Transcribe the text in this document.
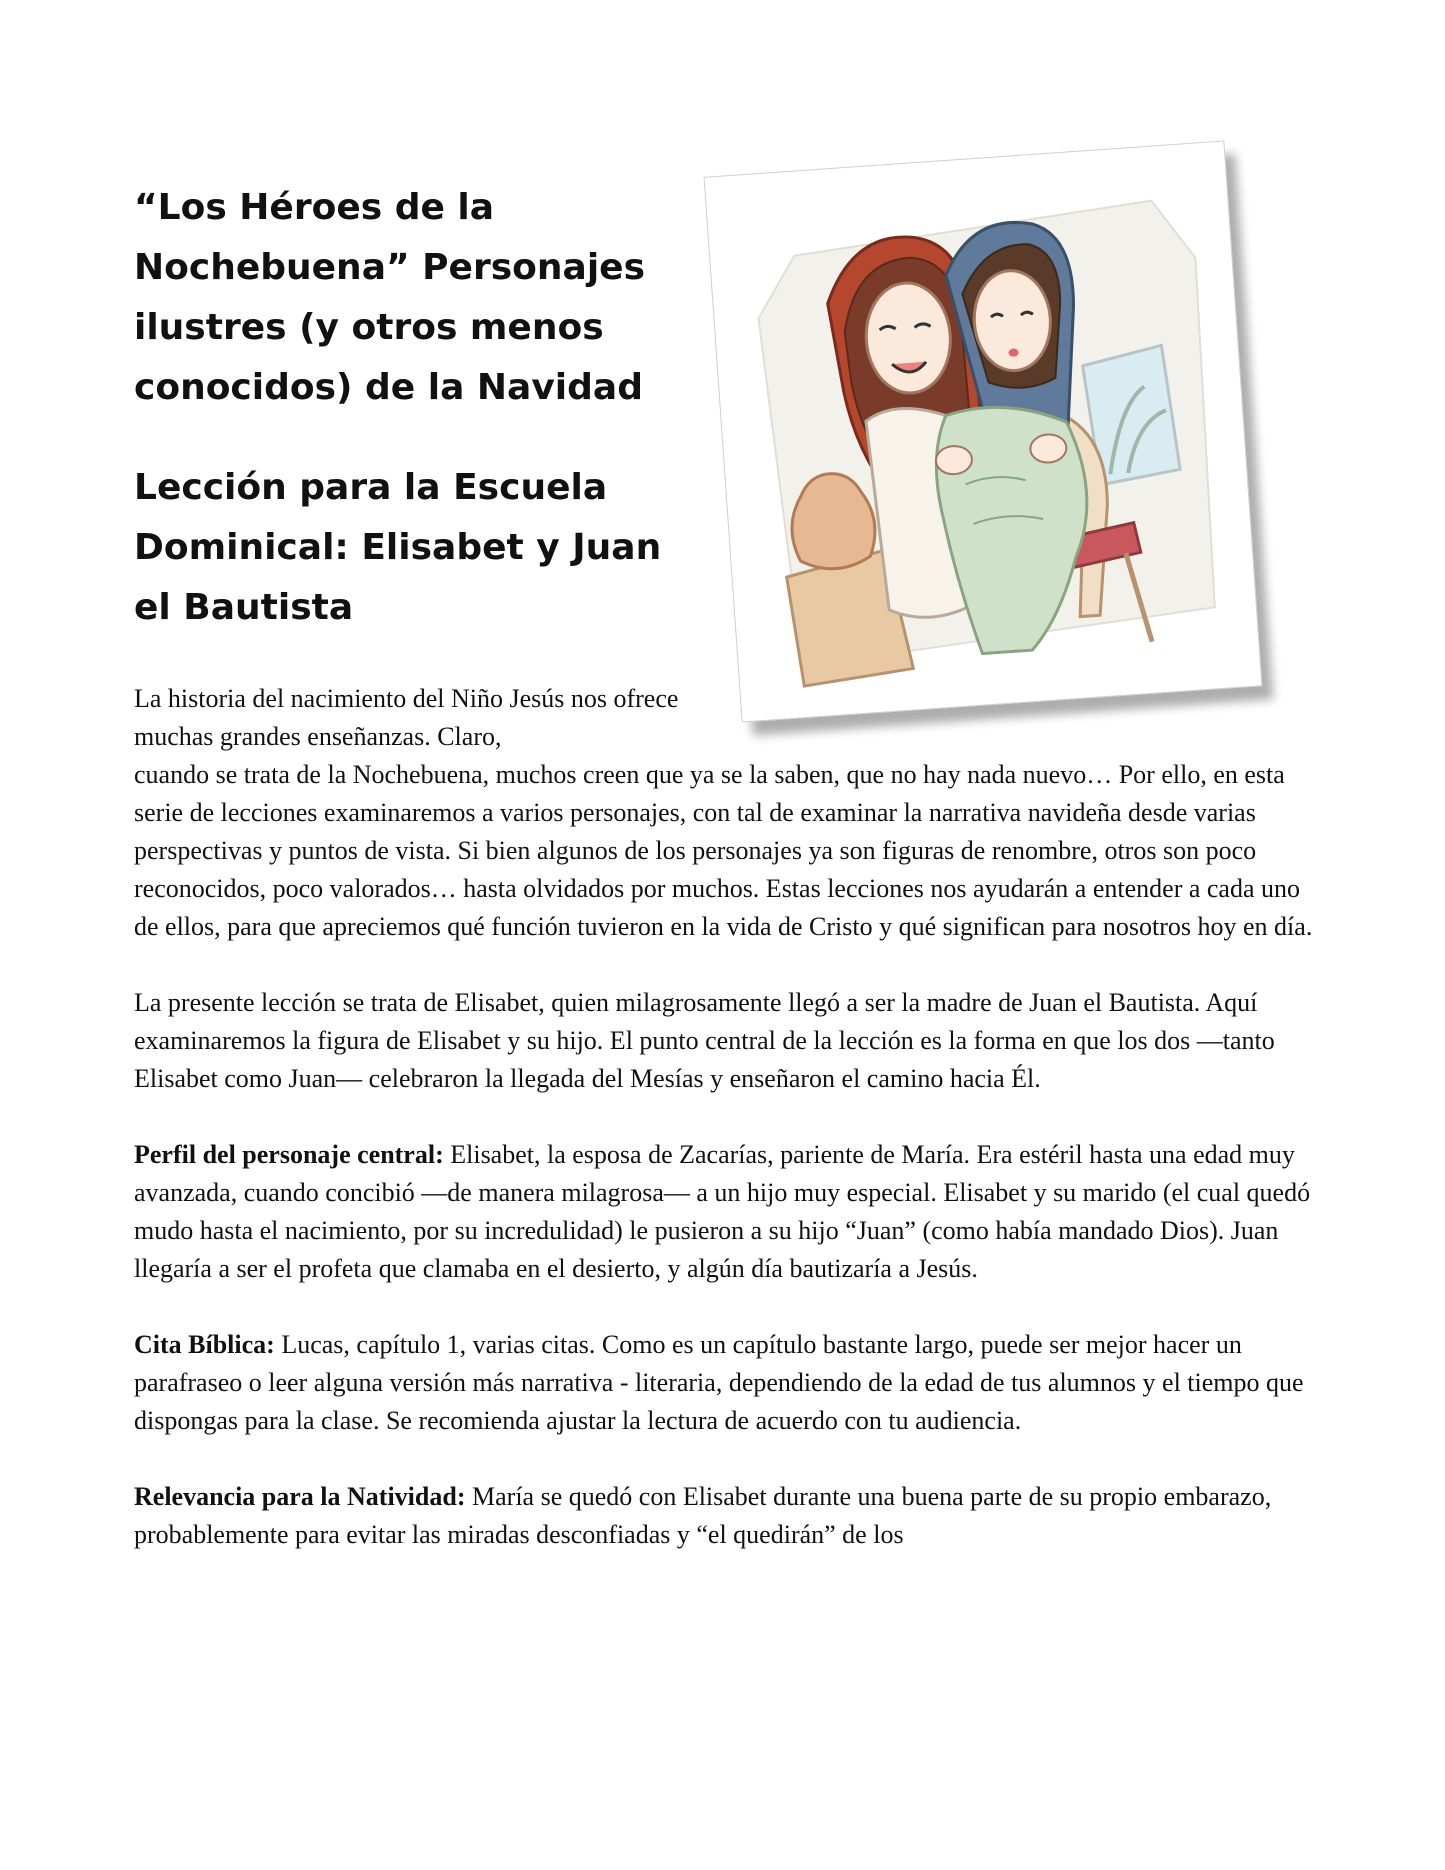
“Los Héroes de la Nochebuena” Personajes ilustres (y otros menos conocidos) de la Navidad
Lección para la Escuela Dominical: Elisabet y Juan el Bautista

La historia del nacimiento del Niño Jesús nos ofrece muchas grandes enseñanzas. Claro,

cuando se trata de la Nochebuena, muchos creen que ya se la saben, que no hay nada nuevo… Por ello, en esta serie de lecciones examinaremos a varios personajes, con tal de examinar la narrativa navideña desde varias perspectivas y puntos de vista. Si bien algunos de los personajes ya son figuras de renombre, otros son poco reconocidos, poco valorados… hasta olvidados por muchos. Estas lecciones nos ayudarán a entender a cada uno de ellos, para que apreciemos qué función tuvieron en la vida de Cristo y qué significan para nosotros hoy en día.

La presente lección se trata de Elisabet, quien milagrosamente llegó a ser la madre de Juan el Bautista. Aquí examinaremos la figura de Elisabet y su hijo. El punto central de la lección es la forma en que los dos —tanto Elisabet como Juan— celebraron la llegada del Mesías y enseñaron el camino hacia Él.

Perfil del personaje central: Elisabet, la esposa de Zacarías, pariente de María. Era estéril hasta una edad muy avanzada, cuando concibió —de manera milagrosa— a un hijo muy especial. Elisabet y su marido (el cual quedó mudo hasta el nacimiento, por su incredulidad) le pusieron a su hijo “Juan” (como había mandado Dios). Juan llegaría a ser el profeta que clamaba en el desierto, y algún día bautizaría a Jesús.

Cita Bíblica: Lucas, capítulo 1, varias citas. Como es un capítulo bastante largo, puede ser mejor hacer un parafraseo o leer alguna versión más narrativa - literaria, dependiendo de la edad de tus alumnos y el tiempo que dispongas para la clase. Se recomienda ajustar la lectura de acuerdo con tu audiencia.

Relevancia para la Natividad: María se quedó con Elisabet durante una buena parte de su propio embarazo, probablemente para evitar las miradas desconfiadas y “el quedirán” de los
